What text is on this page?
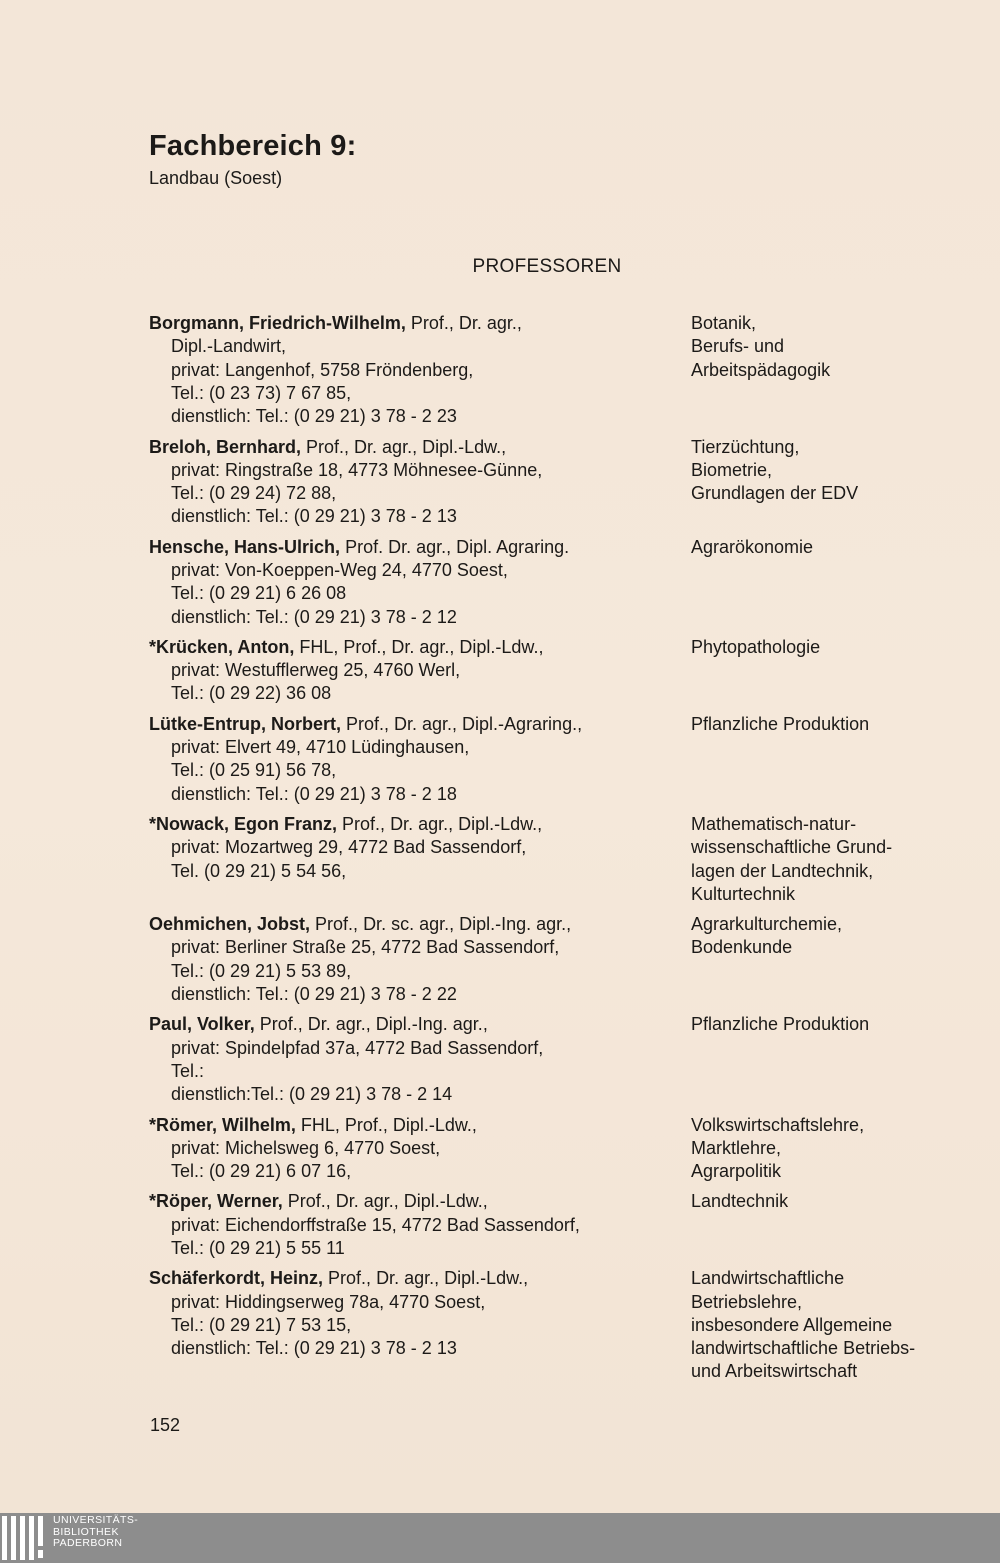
Fachbereich 9:
Landbau (Soest)
PROFESSOREN
Borgmann, Friedrich-Wilhelm, Prof., Dr. agr.,
Dipl.-Landwirt,
privat: Langenhof, 5758 Fröndenberg,
Tel.: (0 23 73) 7 67 85,
dienstlich: Tel.: (0 29 21) 3 78 - 2 23
Botanik,
Berufs- und
Arbeitspädagogik
Breloh, Bernhard, Prof., Dr. agr., Dipl.-Ldw.,
privat: Ringstraße 18, 4773 Möhnesee-Günne,
Tel.: (0 29 24) 72 88,
dienstlich: Tel.: (0 29 21) 3 78 - 2 13
Tierzüchtung,
Biometrie,
Grundlagen der EDV
Hensche, Hans-Ulrich, Prof. Dr. agr., Dipl. Agraring.
privat: Von-Koeppen-Weg 24, 4770 Soest,
Tel.: (0 29 21) 6 26 08
dienstlich: Tel.: (0 29 21) 3 78 - 2 12
Agrarökonomie
*Krücken, Anton, FHL, Prof., Dr. agr., Dipl.-Ldw.,
privat: Westufflerweg 25, 4760 Werl,
Tel.: (0 29 22) 36 08
Phytopathologie
Lütke-Entrup, Norbert, Prof., Dr. agr., Dipl.-Agraring.,
privat: Elvert 49, 4710 Lüdinghausen,
Tel.: (0 25 91) 56 78,
dienstlich: Tel.: (0 29 21) 3 78 - 2 18
Pflanzliche Produktion
*Nowack, Egon Franz, Prof., Dr. agr., Dipl.-Ldw.,
privat: Mozartweg 29, 4772 Bad Sassendorf,
Tel. (0 29 21) 5 54 56,
Mathematisch-natur-
wissenschaftliche Grund-
lagen der Landtechnik,
Kulturtechnik
Oehmichen, Jobst, Prof., Dr. sc. agr., Dipl.-Ing. agr.,
privat: Berliner Straße 25, 4772 Bad Sassendorf,
Tel.: (0 29 21) 5 53 89,
dienstlich: Tel.: (0 29 21) 3 78 - 2 22
Agrarkulturchemie,
Bodenkunde
Paul, Volker, Prof., Dr. agr., Dipl.-Ing. agr.,
privat: Spindelpfad 37a, 4772 Bad Sassendorf,
Tel.:
dienstlich:Tel.: (0 29 21) 3 78 - 2 14
Pflanzliche Produktion
*Römer, Wilhelm, FHL, Prof., Dipl.-Ldw.,
privat: Michelsweg 6, 4770 Soest,
Tel.: (0 29 21) 6 07 16,
Volkswirtschaftslehre,
Marktlehre,
Agrarpolitik
*Röper, Werner, Prof., Dr. agr., Dipl.-Ldw.,
privat: Eichendorffstraße 15, 4772 Bad Sassendorf,
Tel.: (0 29 21) 5 55 11
Landtechnik
Schäferkordt, Heinz, Prof., Dr. agr., Dipl.-Ldw.,
privat: Hiddingserweg 78a, 4770 Soest,
Tel.: (0 29 21) 7 53 15,
dienstlich: Tel.: (0 29 21) 3 78 - 2 13
Landwirtschaftliche
Betriebslehre,
insbesondere Allgemeine
landwirtschaftliche Betriebs-
und Arbeitswirtschaft
152
UNIVERSITÄTS-
BIBLIOTHEK
PADERBORN
